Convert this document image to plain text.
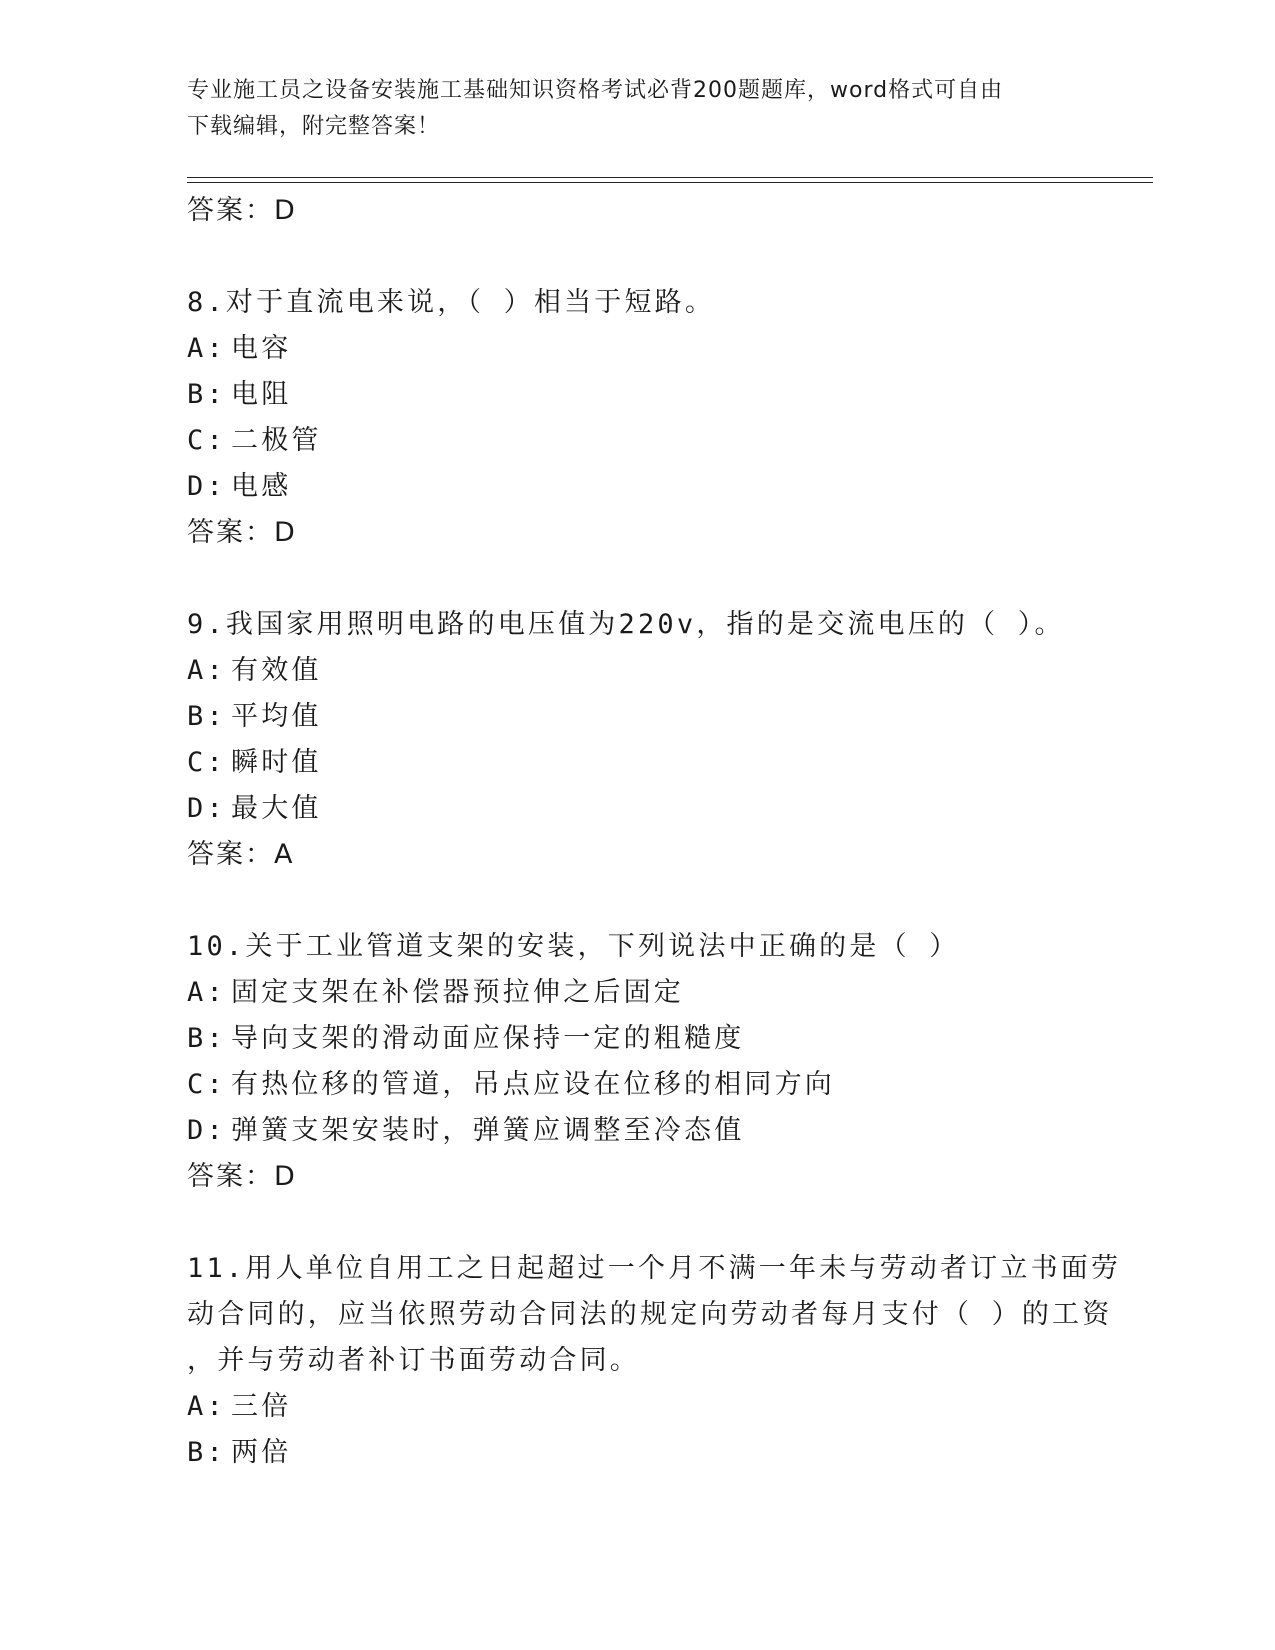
专业施工员之设备安装施工基础知识资格考试必背200题题库，word格式可自由
下载编辑，附完整答案！
答案：D
8.对于直流电来说，（ ）相当于短路。
A: 电容
B: 电阻
C: 二极管
D: 电感
答案：D
9.我国家用照明电路的电压值为220v，指的是交流电压的（ ）。
A: 有效值
B: 平均值
C: 瞬时值
D: 最大值
答案：A
10.关于工业管道支架的安装，下列说法中正确的是（ ）
A: 固定支架在补偿器预拉伸之后固定
B: 导向支架的滑动面应保持一定的粗糙度
C: 有热位移的管道，吊点应设在位移的相同方向
D: 弹簧支架安装时，弹簧应调整至冷态值
答案：D
11.用人单位自用工之日起超过一个月不满一年未与劳动者订立书面劳
动合同的，应当依照劳动合同法的规定向劳动者每月支付（ ）的工资
，并与劳动者补订书面劳动合同。
A: 三倍
B: 两倍
